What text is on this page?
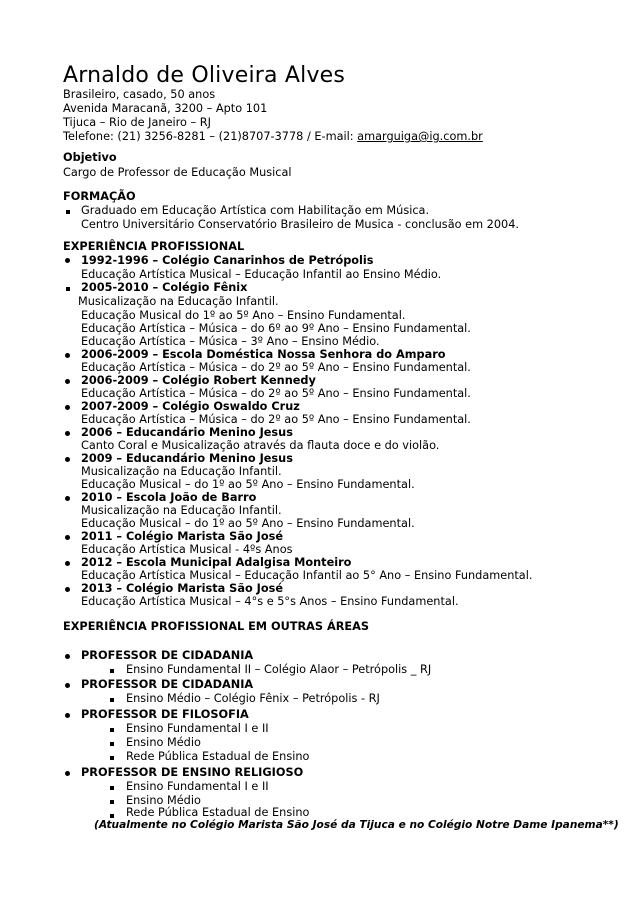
Arnaldo de Oliveira Alves
Brasileiro, casado, 50 anos
Avenida Maracanã, 3200 – Apto 101
Tijuca – Rio de Janeiro – RJ
Telefone: (21) 3256-8281 – (21)8707-3778 / E-mail: amarguiga@ig.com.br
Objetivo
Cargo de Professor de Educação Musical
FORMAÇÃO
Graduado em Educação Artística com Habilitação em Música.
Centro Universitário Conservatório Brasileiro de Musica - conclusão em 2004.
EXPERIÊNCIA PROFISSIONAL
1992-1996 – Colégio Canarinhos de Petrópolis
Educação Artística Musical – Educação Infantil ao Ensino Médio.
2005-2010 – Colégio Fênix
Musicalização na Educação Infantil.
Educação Musical do 1º ao 5º Ano – Ensino Fundamental.
Educação Artística – Música – do 6º ao 9º Ano – Ensino Fundamental.
Educação Artística – Música – 3º Ano – Ensino Médio.
2006-2009 – Escola Doméstica Nossa Senhora do Amparo
Educação Artística – Música – do 2º ao 5º Ano – Ensino Fundamental.
2006-2009 – Colégio Robert Kennedy
Educação Artística – Música – do 2º ao 5º Ano – Ensino Fundamental.
2007-2009 – Colégio Oswaldo Cruz
Educação Artística – Música – do 2º ao 5º Ano – Ensino Fundamental.
2006 – Educandário Menino Jesus
Canto Coral e Musicalização através da flauta doce e do violão.
2009 – Educandário Menino Jesus
Musicalização na Educação Infantil.
Educação Musical – do 1º ao 5º Ano – Ensino Fundamental.
2010 – Escola João de Barro
Musicalização na Educação Infantil.
Educação Musical – do 1º ao 5º Ano – Ensino Fundamental.
2011 – Colégio Marista São José
Educação Artística Musical - 4ºs Anos
2012 – Escola Municipal Adalgisa Monteiro
Educação Artística Musical – Educação Infantil ao 5° Ano – Ensino Fundamental.
2013 – Colégio Marista São José
Educação Artística Musical – 4°s e 5°s Anos – Ensino Fundamental.
EXPERIÊNCIA PROFISSIONAL EM OUTRAS ÁREAS
PROFESSOR DE CIDADANIA
Ensino Fundamental II – Colégio Alaor – Petrópolis _ RJ
PROFESSOR DE CIDADANIA
Ensino Médio – Colégio Fênix – Petrópolis - RJ
PROFESSOR DE FILOSOFIA
Ensino Fundamental I e II
Ensino Médio
Rede Pública Estadual de Ensino
PROFESSOR DE ENSINO RELIGIOSO
Ensino Fundamental I e II
Ensino Médio
Rede Pública Estadual de Ensino
(Atualmente no Colégio Marista São José da Tijuca e no Colégio Notre Dame Ipanema**)
